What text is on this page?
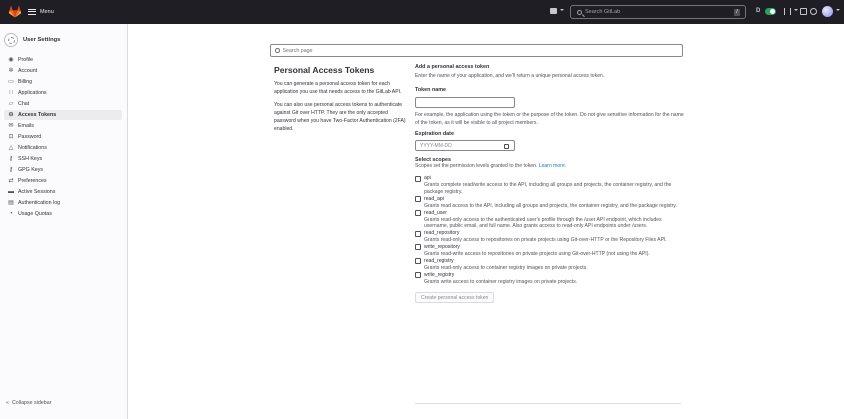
Menu	Search GitLab	/	D
User Settings
◉ Profile
✲ Account
▭ Billing
∷ Applications
▱ Chat
⊖ Access Tokens
✉ Emails
⊡ Password
△ Notifications
⚷ SSH Keys
⚷ GPG Keys
⇄ Preferences
▬ Active Sessions
▤ Authentication log
◔ Usage Quotas
« Collapse sidebar
Search page
Personal Access Tokens
You can generate a personal access token for each application you use that needs access to the GitLab API.
You can also use personal access tokens to authenticate against Git over HTTP. They are the only accepted password when you have Two-Factor Authentication (2FA) enabled.
Add a personal access token
Enter the name of your application, and we'll return a unique personal access token.
Token name
For example, the application using the token or the purpose of the token. Do not give sensitive information for the name of the token, as it will be visible to all project members.
Expiration date
YYYY-MM-DD
Select scopes
Scopes set the permission levels granted to the token. Learn more.
api
Grants complete read/write access to the API, including all groups and projects, the container registry, and the package registry.
read_api
Grants read access to the API, including all groups and projects, the container registry, and the package registry.
read_user
Grants read-only access to the authenticated user's profile through the /user API endpoint, which includes username, public email, and full name. Also grants access to read-only API endpoints under /users.
read_repository
Grants read-only access to repositories on private projects using Git-over-HTTP or the Repository Files API.
write_repository
Grants read-write access to repositories on private projects using Git-over-HTTP (not using the API).
read_registry
Grants read-only access to container registry images on private projects.
write_registry
Grants write access to container registry images on private projects.
Create personal access token
